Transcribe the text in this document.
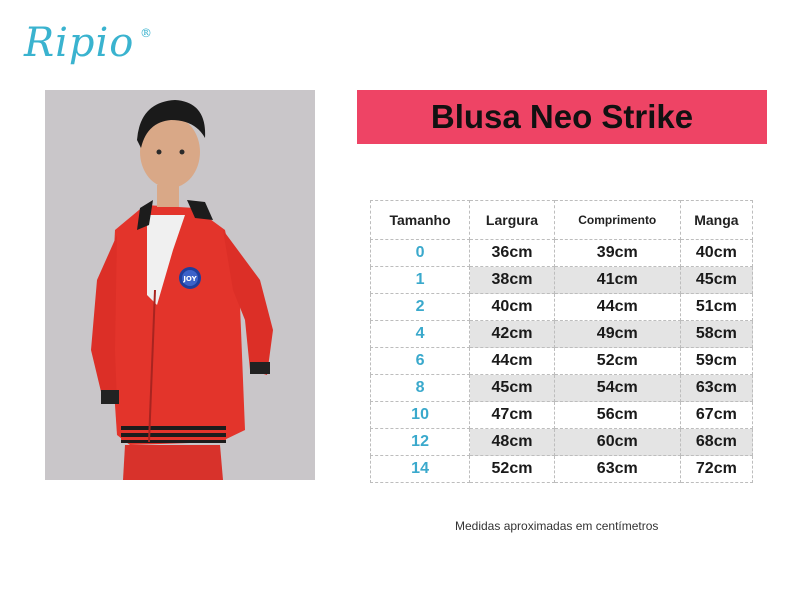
Ripio ®
JOY
Blusa Neo Strike
Tamanho	Largura	Comprimento	Manga
0	36cm	39cm	40cm
1	38cm	41cm	45cm
2	40cm	44cm	51cm
4	42cm	49cm	58cm
6	44cm	52cm	59cm
8	45cm	54cm	63cm
10	47cm	56cm	67cm
12	48cm	60cm	68cm
14	52cm	63cm	72cm
Medidas aproximadas em centímetros
